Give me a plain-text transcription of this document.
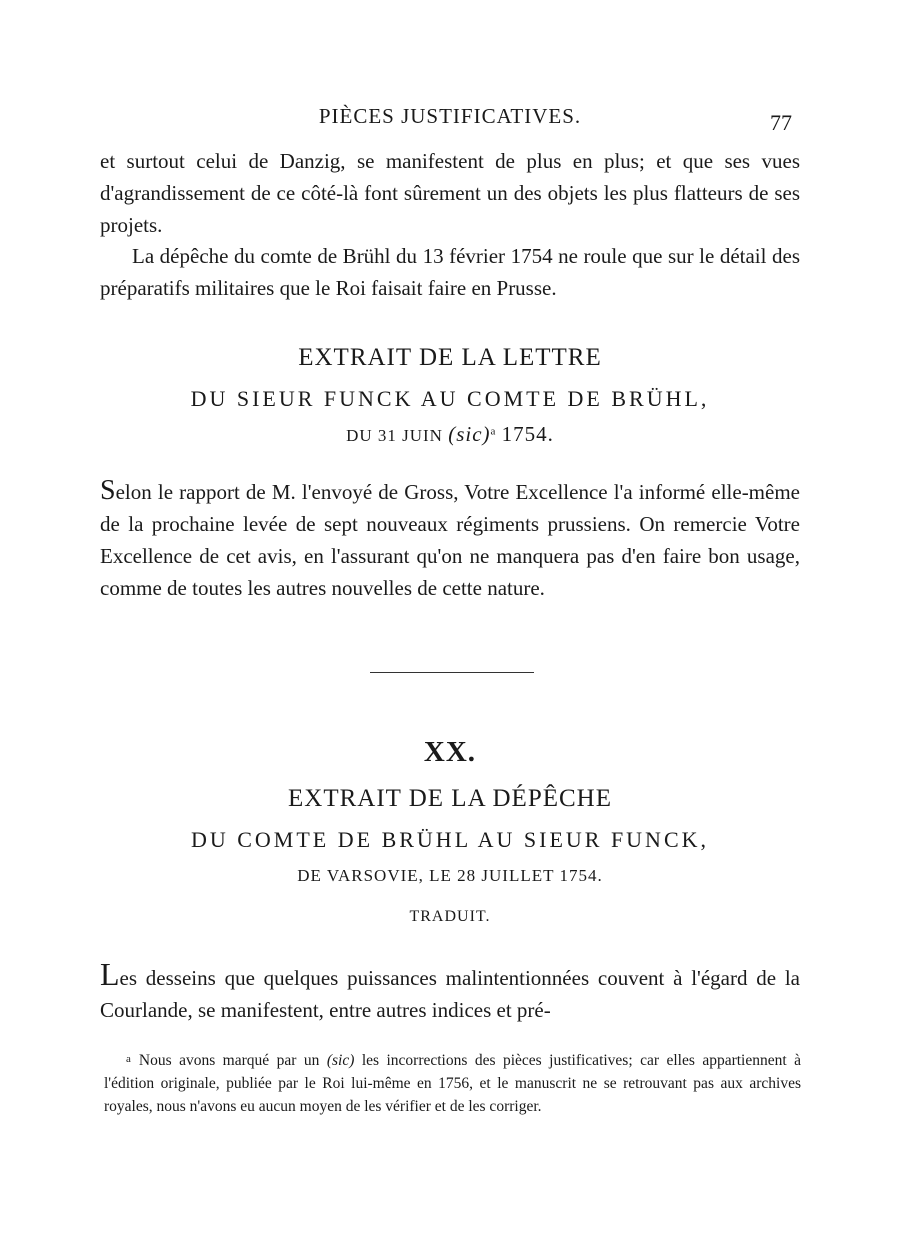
PIÈCES JUSTIFICATIVES.	77

et surtout celui de Danzig, se manifestent de plus en plus; et que ses vues d'agrandissement de ce côté-là font sûrement un des objets les plus flatteurs de ses projets.

La dépêche du comte de Brühl du 13 février 1754 ne roule que sur le détail des préparatifs militaires que le Roi faisait faire en Prusse.

EXTRAIT DE LA LETTRE
DU SIEUR FUNCK AU COMTE DE BRÜHL,
DU 31 JUIN (sic)$^a$ 1754.

Selon le rapport de M. l'envoyé de Gross, Votre Excellence l'a informé elle-même de la prochaine levée de sept nouveaux régiments prussiens. On remercie Votre Excellence de cet avis, en l'assurant qu'on ne manquera pas d'en faire bon usage, comme de toutes les autres nouvelles de cette nature.

XX.
EXTRAIT DE LA DÉPÊCHE
DU COMTE DE BRÜHL AU SIEUR FUNCK,
DE VARSOVIE, LE 28 JUILLET 1754.
TRADUIT.

Les desseins que quelques puissances malintentionnées couvent à l'égard de la Courlande, se manifestent, entre autres indices et pré-

a Nous avons marqué par un (sic) les incorrections des pièces justificatives; car elles appartiennent à l'édition originale, publiée par le Roi lui-même en 1756, et le manuscrit ne se retrouvant pas aux archives royales, nous n'avons eu aucun moyen de les vérifier et de les corriger.
